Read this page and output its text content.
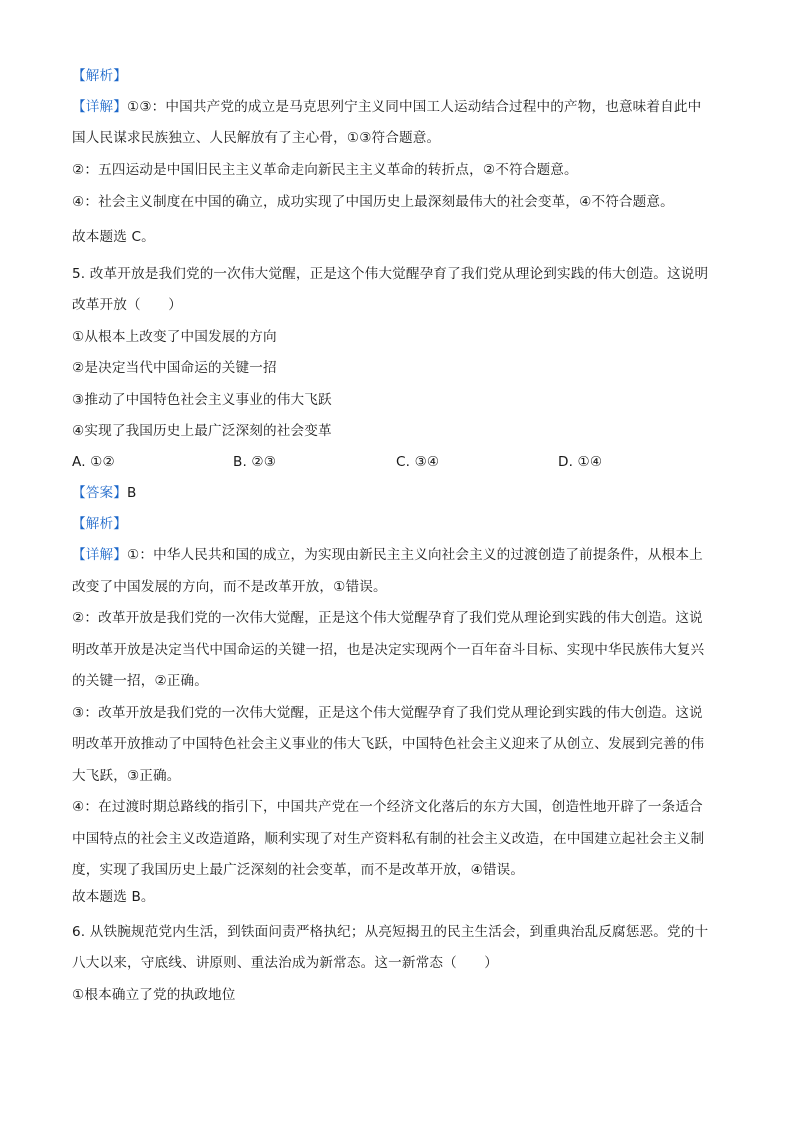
【解析】
【详解】①③：中国共产党的成立是马克思列宁主义同中国工人运动结合过程中的产物，也意味着自此中
国人民谋求民族独立、人民解放有了主心骨，①③符合题意。
②：五四运动是中国旧民主主义革命走向新民主主义革命的转折点，②不符合题意。
④：社会主义制度在中国的确立，成功实现了中国历史上最深刻最伟大的社会变革，④不符合题意。
故本题选 C。
5. 改革开放是我们党的一次伟大觉醒，正是这个伟大觉醒孕育了我们党从理论到实践的伟大创造。这说明
改革开放（　　）
①从根本上改变了中国发展的方向
②是决定当代中国命运的关键一招
③推动了中国特色社会主义事业的伟大飞跃
④实现了我国历史上最广泛深刻的社会变革
A. ①②	B. ②③	C. ③④	D. ①④
【答案】B
【解析】
【详解】①：中华人民共和国的成立，为实现由新民主主义向社会主义的过渡创造了前提条件，从根本上
改变了中国发展的方向，而不是改革开放，①错误。
②：改革开放是我们党的一次伟大觉醒，正是这个伟大觉醒孕育了我们党从理论到实践的伟大创造。这说
明改革开放是决定当代中国命运的关键一招，也是决定实现两个一百年奋斗目标、实现中华民族伟大复兴
的关键一招，②正确。
③：改革开放是我们党的一次伟大觉醒，正是这个伟大觉醒孕育了我们党从理论到实践的伟大创造。这说
明改革开放推动了中国特色社会主义事业的伟大飞跃，中国特色社会主义迎来了从创立、发展到完善的伟
大飞跃，③正确。
④：在过渡时期总路线的指引下，中国共产党在一个经济文化落后的东方大国，创造性地开辟了一条适合
中国特点的社会主义改造道路，顺利实现了对生产资料私有制的社会主义改造，在中国建立起社会主义制
度，实现了我国历史上最广泛深刻的社会变革，而不是改革开放，④错误。
故本题选 B。
6. 从铁腕规范党内生活，到铁面问责严格执纪；从亮短揭丑的民主生活会，到重典治乱反腐惩恶。党的十
八大以来，守底线、讲原则、重法治成为新常态。这一新常态（　　）
①根本确立了党的执政地位
